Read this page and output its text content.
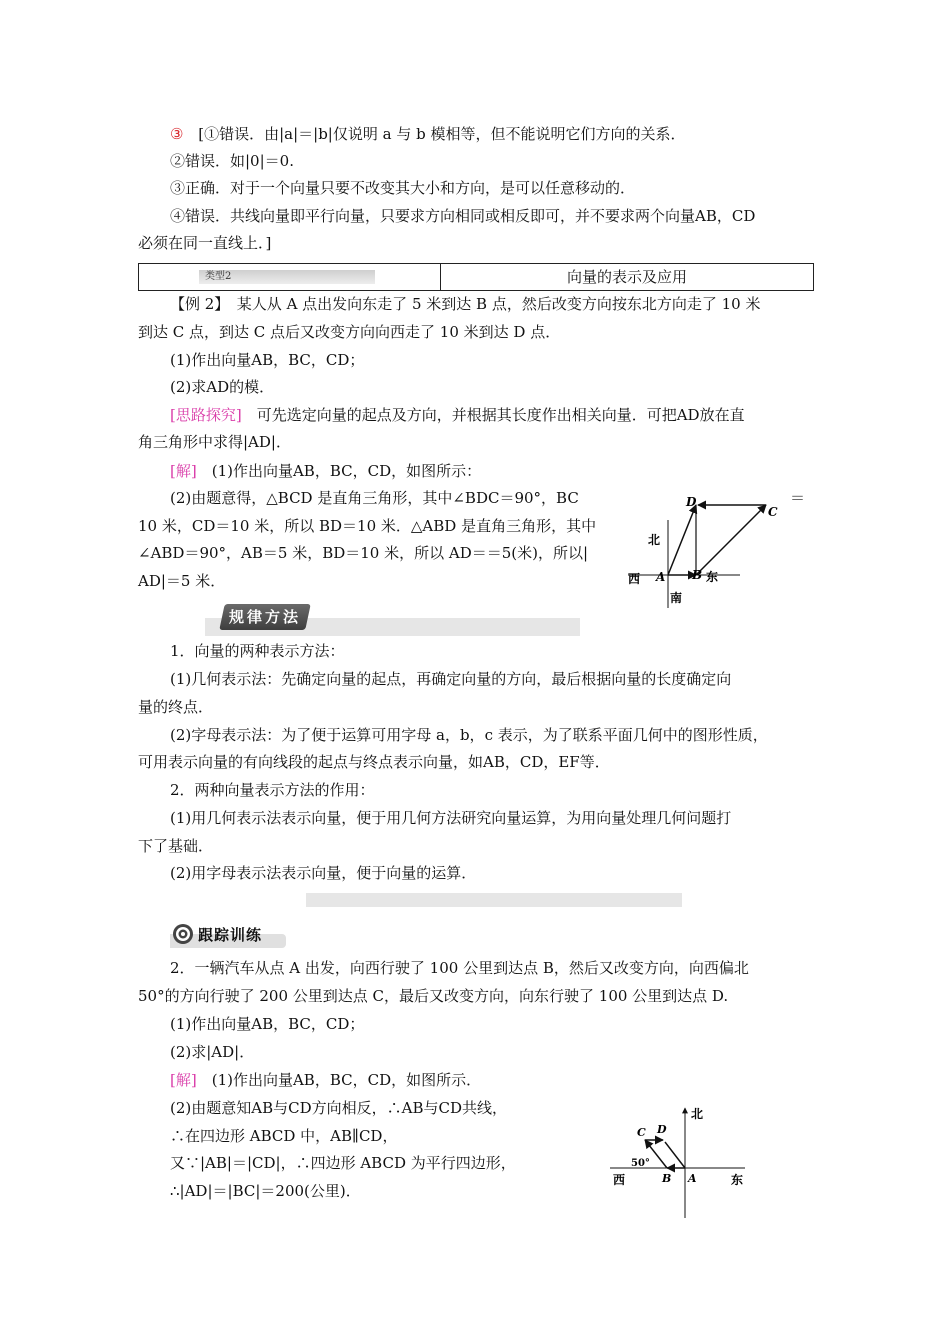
③ [①错误．由|a|＝|b|仅说明 a 与 b 模相等，但不能说明它们方向的关系．
②错误．如|0|＝0.
③正确．对于一个向量只要不改变其大小和方向，是可以任意移动的．
④错误．共线向量即平行向量，只要求方向相同或相反即可，并不要求两个向量AB，CD
必须在同一直线上．]
类型2	向量的表示及应用
【例 2】　某人从 A 点出发向东走了 5 米到达 B 点，然后改变方向按东北方向走了 10 米
到达 C 点，到达 C 点后又改变方向向西走了 10 米到达 D 点．
(1)作出向量AB，BC，CD；
(2)求AD的模．
[思路探究]　可先选定向量的起点及方向，并根据其长度作出相关向量．可把AD放在直
角三角形中求得|AD|．
[解]　(1)作出向量AB，BC，CD，如图所示：
(2)由题意得，△BCD 是直角三角形，其中∠BDC＝90°，BC	＝
10 米，CD＝10 米，所以 BD＝10 米．△ABD 是直角三角形，其中
∠ABD＝90°，AB＝5 米，BD＝10 米，所以 AD＝＝5(米)，所以|
AD|＝5 米．
D
C
A B
北
南
东
西
规律方法
1．向量的两种表示方法：
(1)几何表示法：先确定向量的起点，再确定向量的方向，最后根据向量的长度确定向
量的终点．
(2)字母表示法：为了便于运算可用字母 a，b，c 表示，为了联系平面几何中的图形性质，
可用表示向量的有向线段的起点与终点表示向量，如AB，CD，EF等．
2．两种向量表示方法的作用：
(1)用几何表示法表示向量，便于用几何方法研究向量运算，为用向量处理几何问题打
下了基础．
(2)用字母表示法表示向量，便于向量的运算．
跟踪训练
2．一辆汽车从点 A 出发，向西行驶了 100 公里到达点 B，然后又改变方向，向西偏北
50°的方向行驶了 200 公里到达点 C，最后又改变方向，向东行驶了 100 公里到达点 D.
(1)作出向量AB，BC，CD；
(2)求|AD|．
[解]　(1)作出向量AB，BC，CD，如图所示．
(2)由题意知AB与CD方向相反，∴AB与CD共线，
∴在四边形 ABCD 中，AB∥CD，
又∵|AB|＝|CD|，∴四边形 ABCD 为平行四边形，
∴|AD|＝|BC|＝200(公里)．
C D
B A
50°
北
东
西
